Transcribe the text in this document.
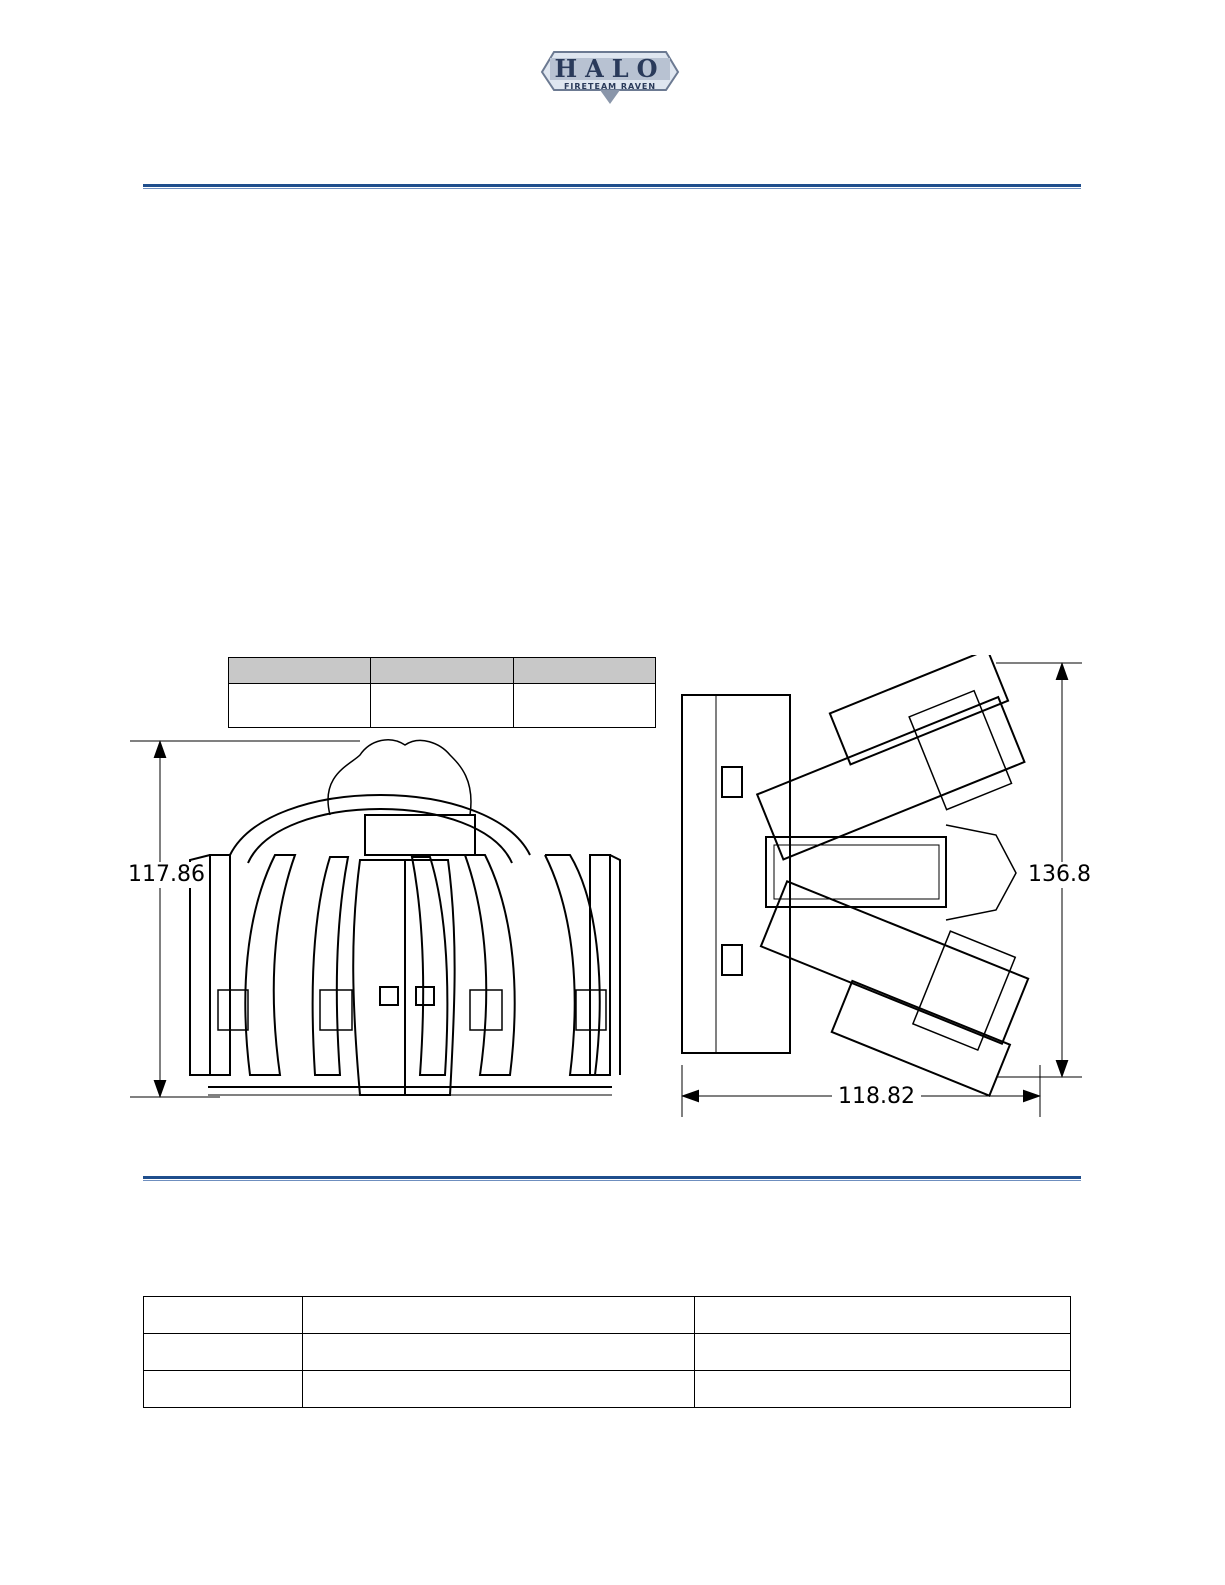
HALO
FIRETEAM RAVEN

117.86	136.8
118.82
